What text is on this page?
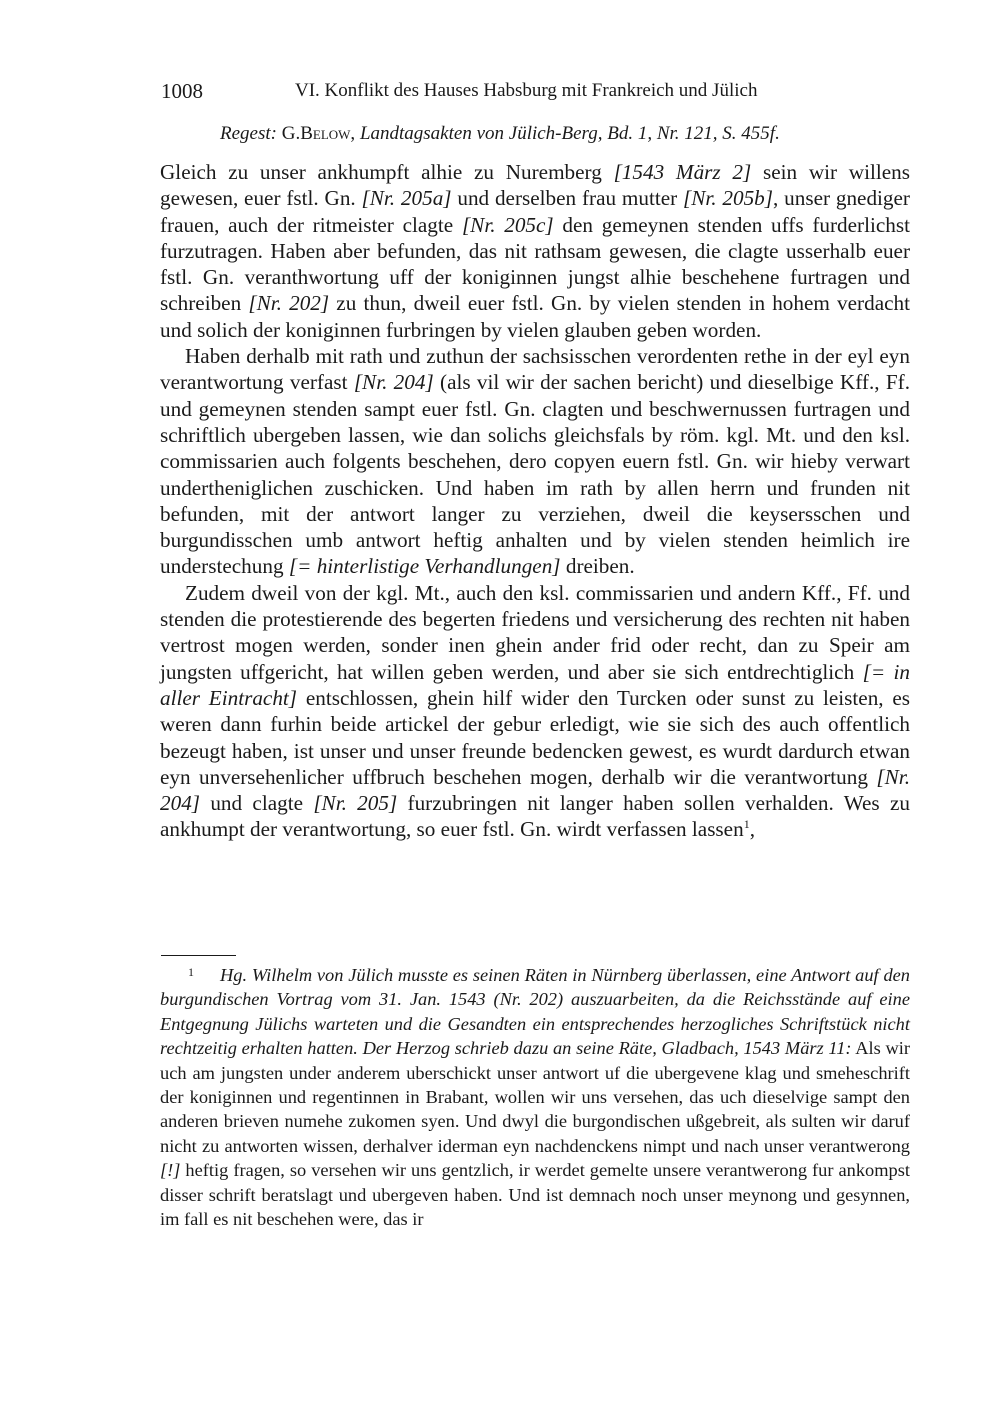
1008	VI. Konflikt des Hauses Habsburg mit Frankreich und Jülich
Regest: G.Below, Landtagsakten von Jülich-Berg, Bd. 1, Nr. 121, S. 455f.

Gleich zu unser ankhumpft alhie zu Nuremberg [1543 März 2] sein wir willens gewesen, euer fstl. Gn. [Nr. 205a] und derselben frau mutter [Nr. 205b], unser gnediger frauen, auch der ritmeister clagte [Nr. 205c] den gemeynen stenden uffs furderlichst furzutragen. Haben aber befunden, das nit rathsam gewesen, die clagte usserhalb euer fstl. Gn. veranthwortung uff der koniginnen jungst alhie beschehene furtragen und schreiben [Nr. 202] zu thun, dweil euer fstl. Gn. by vielen stenden in hohem verdacht und solich der koniginnen furbringen by vielen glauben geben worden.

Haben derhalb mit rath und zuthun der sachsisschen verordenten rethe in der eyl eyn verantwortung verfast [Nr. 204] (als vil wir der sachen bericht) und dieselbige Kff., Ff. und gemeynen stenden sampt euer fstl. Gn. clagten und beschwernussen furtragen und schriftlich ubergeben lassen, wie dan solichs gleichsfals by röm. kgl. Mt. und den ksl. commissarien auch folgents beschehen, dero copyen euern fstl. Gn. wir hieby verwart undertheniglichen zuschicken. Und haben im rath by allen herrn und frunden nit befunden, mit der antwort langer zu verziehen, dweil die keysersschen und burgundisschen umb antwort heftig anhalten und by vielen stenden heimlich ire understechung [= hinterlistige Verhandlungen] dreiben.

Zudem dweil von der kgl. Mt., auch den ksl. commissarien und andern Kff., Ff. und stenden die protestierende des begerten friedens und versicherung des rechten nit haben vertrost mogen werden, sonder inen ghein ander frid oder recht, dan zu Speir am jungsten uffgericht, hat willen geben werden, und aber sie sich entdrechtiglich [= in aller Eintracht] entschlossen, ghein hilf wider den Turcken oder sunst zu leisten, es weren dann furhin beide artickel der gebur erledigt, wie sie sich des auch offentlich bezeugt haben, ist unser und unser freunde bedencken gewest, es wurdt dardurch etwan eyn unversehenlicher uffbruch beschehen mogen, derhalb wir die verantwortung [Nr. 204] und clagte [Nr. 205] furzubringen nit langer haben sollen verhalden. Wes zu ankhumpt der verantwortung, so euer fstl. Gn. wirdt verfassen lassen$^1$,

1 Hg. Wilhelm von Jülich musste es seinen Räten in Nürnberg überlassen, eine Antwort auf den burgundischen Vortrag vom 31. Jan. 1543 (Nr. 202) auszuarbeiten, da die Reichsstände auf eine Entgegnung Jülichs warteten und die Gesandten ein entsprechendes herzogliches Schriftstück nicht rechtzeitig erhalten hatten. Der Herzog schrieb dazu an seine Räte, Gladbach, 1543 März 11: Als wir uch am jungsten under anderem uberschickt unser antwort uf die ubergevene klag und smeheschrift der koniginnen und regentinnen in Brabant, wollen wir uns versehen, das uch dieselvige sampt den anderen brieven numehe zukomen syen. Und dwyl die burgondischen ußgebreit, als sulten wir daruf nicht zu antworten wissen, derhalver iderman eyn nachdenckens nimpt und nach unser verantwerong [!] heftig fragen, so versehen wir uns gentzlich, ir werdet gemelte unsere verantwerong fur ankompst disser schrift beratslagt und ubergeven haben. Und ist demnach noch unser meynong und gesynnen, im fall es nit beschehen were, das ir
